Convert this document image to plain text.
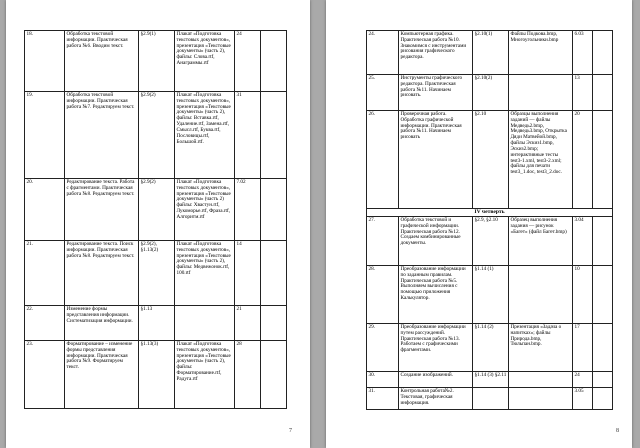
18.	Обработка текстовой информации. Практическая работа №6. Вводим текст.	§2.9(1)	Плакат «Подготовка текстовых документов», презентация «Текстовые документы» (часть 2), файлы: Слова.rtf, Анаграммы.rtf	24	
19.	Обработка текстовой информации. Практическая работа №7. Редактируем текст.	§2.9(2)	Плакат «Подготовка текстовых документов», презентация «Текстовые документы» (часть 2), файлы: Вставка.rtf, Удаление.rtf, Замена.rtf, Смысл.rtf, Буква.rtf, Пословицы.rtf, Большой.rtf.	31	
20.	Редактирование текста. Работа с фрагментами. Практическая работа №8. Редактируем текст.	§2.9(2)	Плакат «Подготовка текстовых документов», презентация «Текстовые документы» (часть 2) файлы: Хвастун.rtf, Лукоморье.rtf, Фраза.rtf, Алгоритм.rtf	7.02	
21.	Редактирование текста. Поиск информации. Практическая работа №8. Редактируем текст.	§2.9(2), §1.13(2)	Плакат «Подготовка текстовых документов», презентация «Текстовые документы» (часть 2), файлы: Медвежонок.rtf, 100.rtf	14	
22.	Изменение формы представления информации. Систематизация информации.	§1.13		21	
23.	Форматирование – изменение формы представления информации. Практическая работа №9. Форматируем текст.	§1.13(3)	Плакат «Подготовка текстовых документов», презентация «Текстовые документы» (часть 2), файлы: Форматирование.rtf, Радуга.rtf	28	
7
24.	Компьютерная графика. Практическая работа №10. Знакомимся с инструментами рисования графического редактора.	§2.10(1)	Файлы Подкова.bmp, Многоугольники.bmp	6.03	
25.	Инструменты графического редактора. Практическая работа №11. Начинаем рисовать.	§2.10(2)		13	
26.	Проверочная работа. Обработка графической информации. Практическая работа №11. Начинаем рисовать	§2.10	Образцы выполнения заданий — файлы Медведь2.bmp, Медведь3.bmp, Открытка Дяди Матвейой.bmp, файлы Эскиз1.bmp, Эскиз2.bmp; интерактивные тесты test3-1.xml, test3-2.xml; файлы для печати test3_1.doc, test3_2.doc.	20	
IV четверть					
27.	Обработка текстовой и графической информации. Практическая работа №12. Создаем комбинированные документы.	§2.9, §2.10	Образец выполнения задания — рисунок «Багет» (файл Багет.bmp)	3.04	
28.	Преобразование информации по заданным правилам. Практическая работа №5. Выполняем вычисления с помощью приложения Калькулятор.	§1.14 (1)		10	
29.	Преобразование информации путем рассуждений. Практическая работа №13. Работаем с графическими фрагментами.	§1.14 (2)	Презентация «Задача о напитках»; файлы Природа.bmp, Тюльпан.bmp.	17	
30.	Создание изображений.	§1.14 (3) §2.11		24	
31.	Контрольная работа№2. Текстовая, графическая информация.			3.05	
8
